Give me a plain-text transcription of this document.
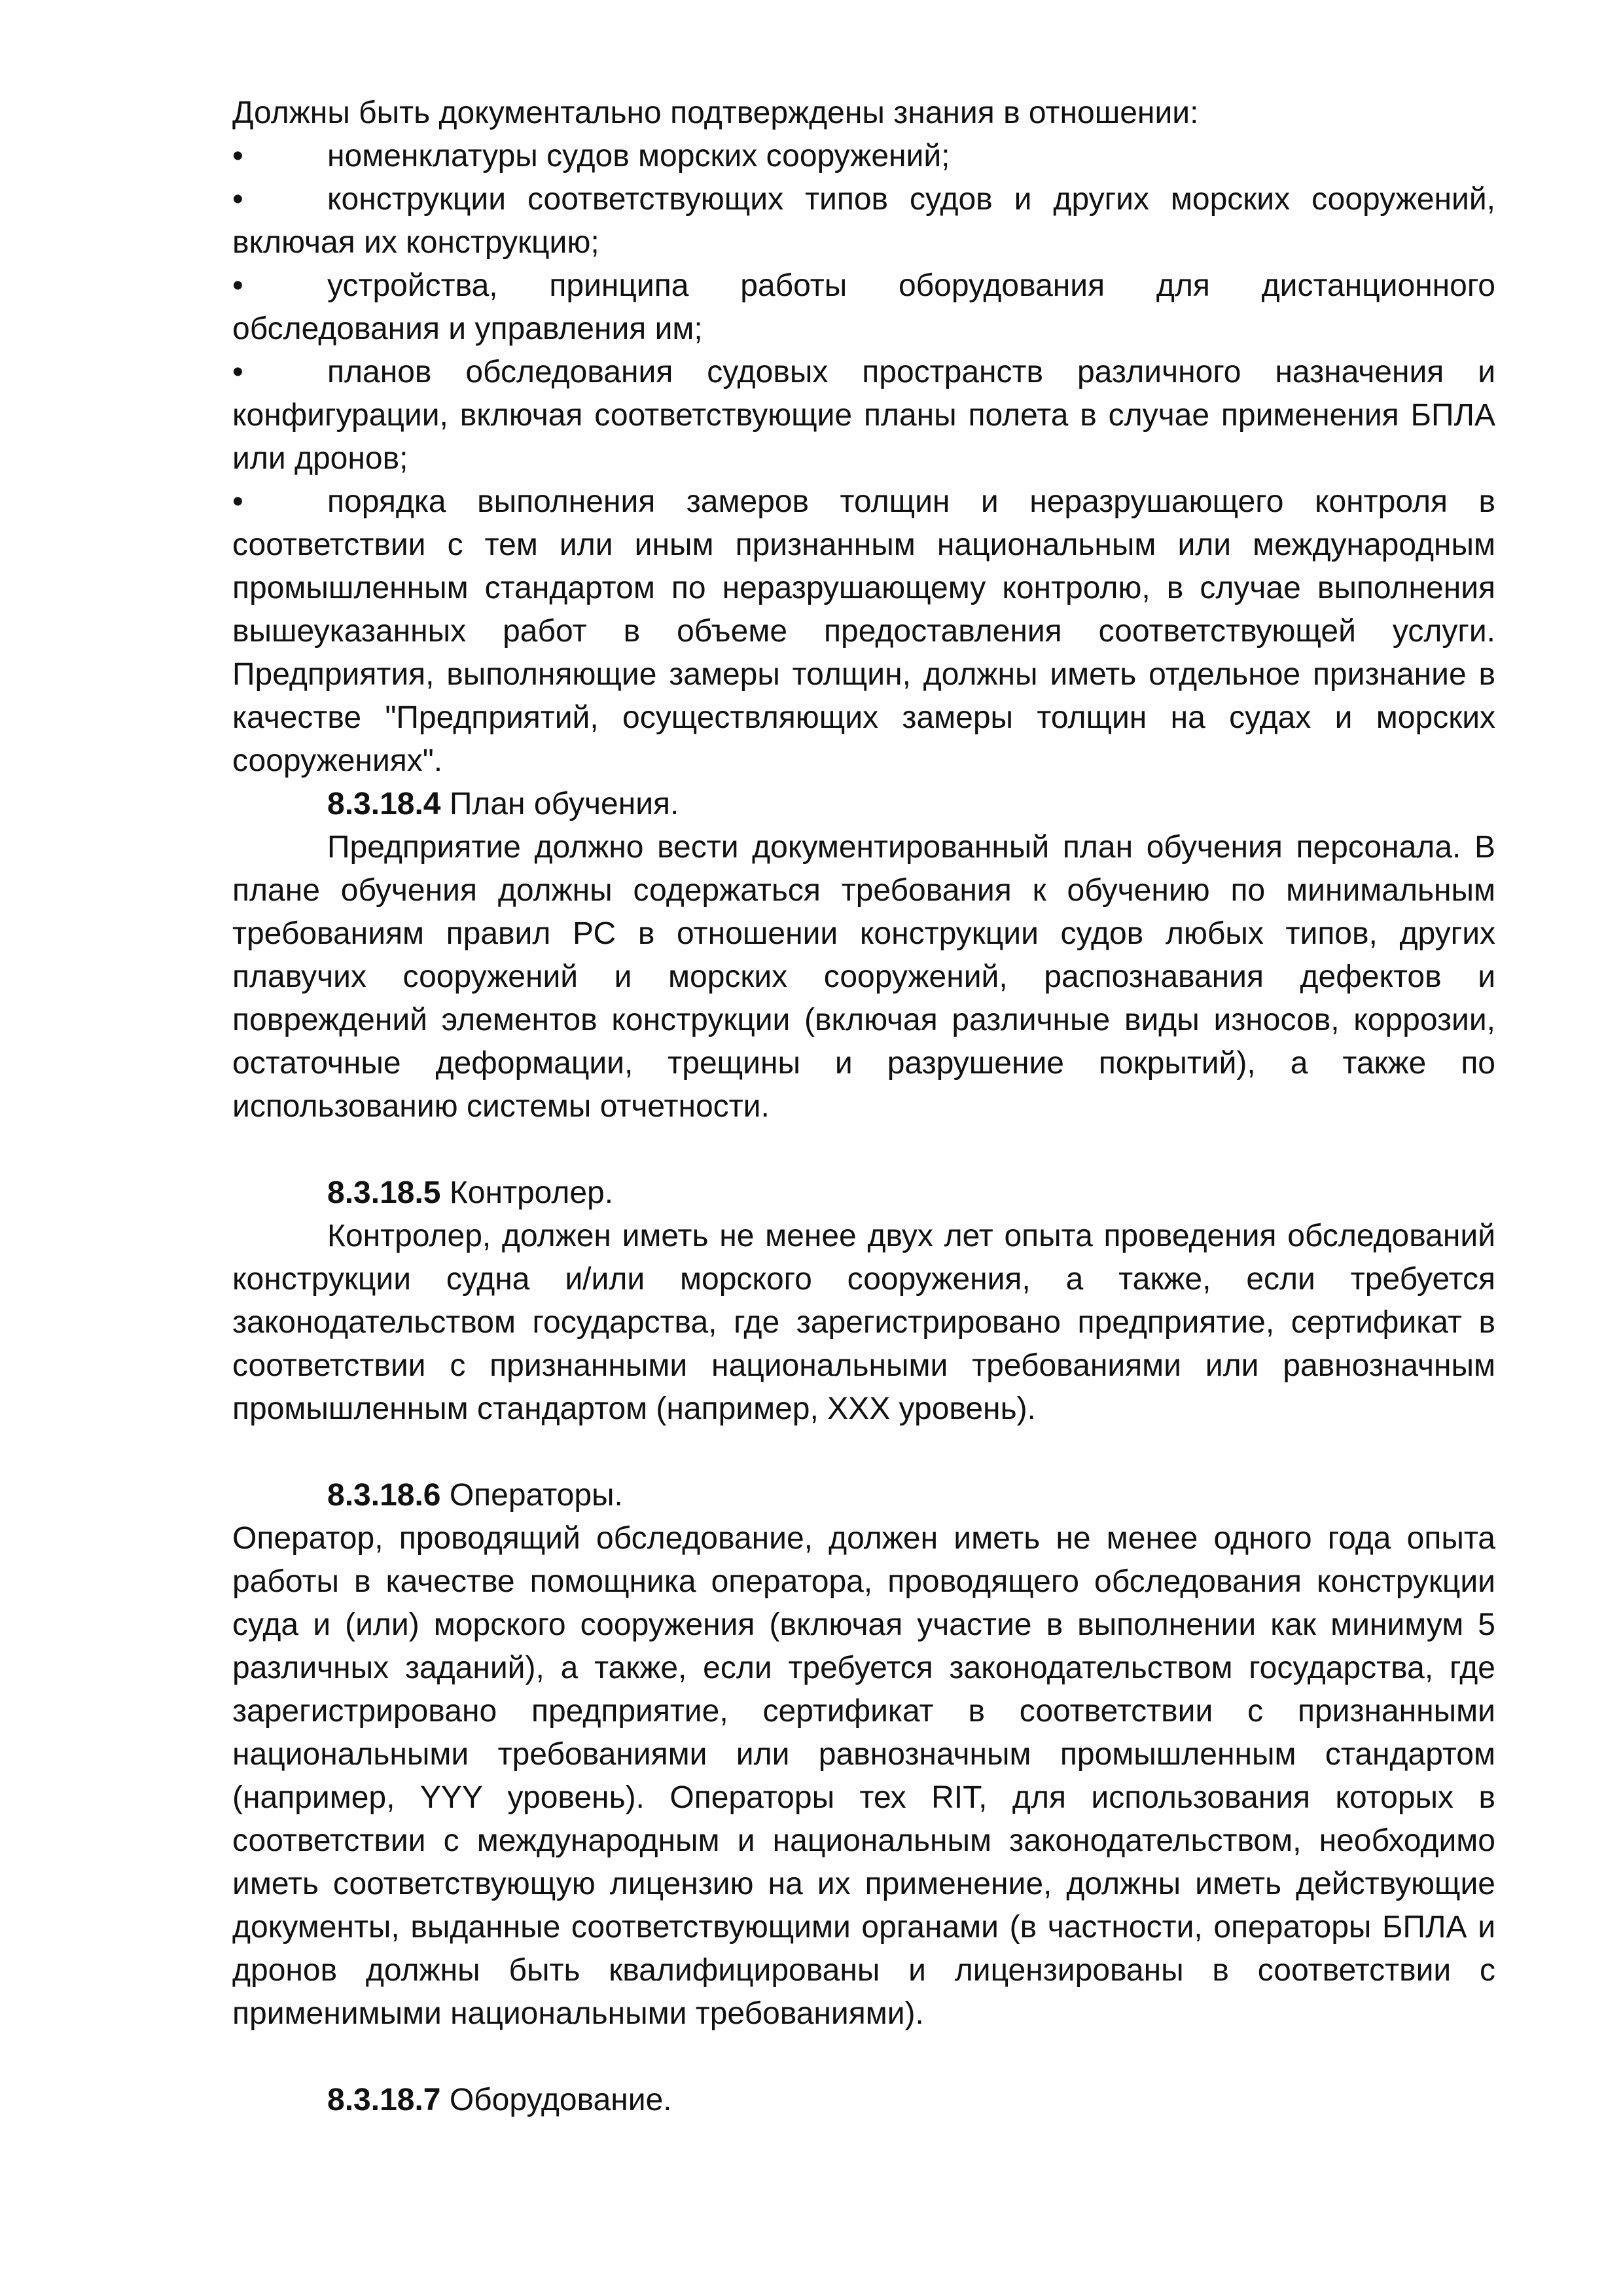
Должны быть документально подтверждены знания в отношении:

•	номенклатуры судов морских сооружений;

•	конструкции соответствующих типов судов и других морских сооружений, включая их конструкцию;

•	устройства, принципа работы оборудования для дистанционного обследования и управления им;

•	планов обследования судовых пространств различного назначения и конфигурации, включая соответствующие планы полета в случае применения БПЛА или дронов;

•	порядка выполнения замеров толщин и неразрушающего контроля в соответствии с тем или иным признанным национальным или международным промышленным стандартом по неразрушающему контролю, в случае выполнения вышеуказанных работ в объеме предоставления соответствующей услуги. Предприятия, выполняющие замеры толщин, должны иметь отдельное признание в качестве "Предприятий, осуществляющих замеры толщин на судах и морских сооружениях".

8.3.18.4 План обучения.

Предприятие должно вести документированный план обучения персонала. В плане обучения должны содержаться требования к обучению по минимальным требованиям правил РС в отношении конструкции судов любых типов, других плавучих сооружений и морских сооружений, распознавания дефектов и повреждений элементов конструкции (включая различные виды износов, коррозии, остаточные деформации, трещины и разрушение покрытий), а также по использованию системы отчетности.

8.3.18.5 Контролер.

Контролер, должен иметь не менее двух лет опыта проведения обследований конструкции судна и/или морского сооружения, а также, если требуется законодательством государства, где зарегистрировано предприятие, сертификат в соответствии с признанными национальными требованиями или равнозначным промышленным стандартом (например, XXX уровень).

8.3.18.6 Операторы.

Оператор, проводящий обследование, должен иметь не менее одного года опыта работы в качестве помощника оператора, проводящего обследования конструкции суда и (или) морского сооружения (включая участие в выполнении как минимум 5 различных заданий), а также, если требуется законодательством государства, где зарегистрировано предприятие, сертификат в соответствии с признанными национальными требованиями или равнозначным промышленным стандартом (например, YYY уровень). Операторы тех RIT, для использования которых в соответствии с международным и национальным законодательством, необходимо иметь соответствующую лицензию на их применение, должны иметь действующие документы, выданные соответствующими органами (в частности, операторы БПЛА и дронов должны быть квалифицированы и лицензированы в соответствии с применимыми национальными требованиями).

8.3.18.7 Оборудование.
